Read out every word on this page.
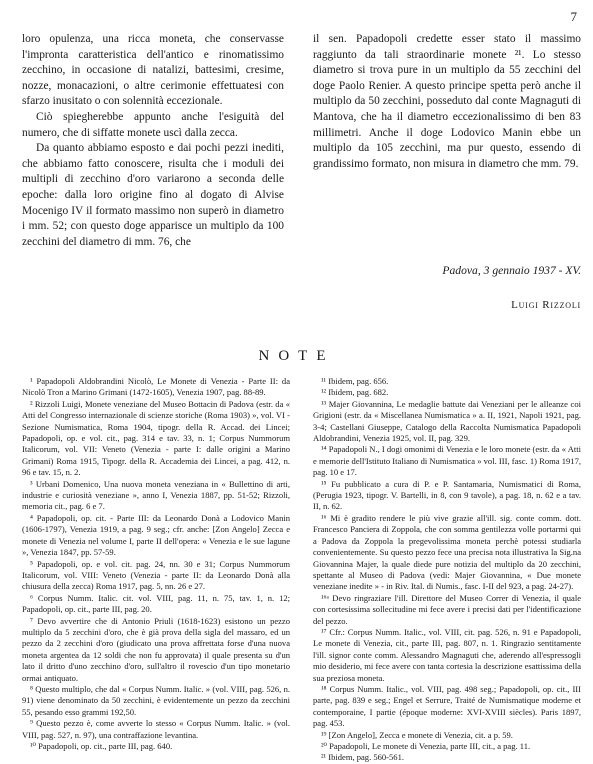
7

loro opulenza, una ricca moneta, che conservasse l'impronta caratteristica dell'antico e rinomatissimo zecchino, in occasione di natalizi, battesimi, cresime, nozze, monacazioni, o altre cerimonie effettuatesi con sfarzo inusitato o con solennità eccezionale.

Ciò spiegherebbe appunto anche l'esiguità del numero, che di siffatte monete uscì dalla zecca.

Da quanto abbiamo esposto e dai pochi pezzi inediti, che abbiamo fatto conoscere, risulta che i moduli dei multipli di zecchino d'oro variarono a seconda delle epoche: dalla loro origine fino al dogato di Alvise Mocenigo IV il formato massimo non superò in diametro i mm. 52; con questo doge apparisce un multiplo da 100 zecchini del diametro di mm. 76, che

il sen. Papadopoli credette esser stato il massimo raggiunto da tali straordinarie monete ²¹. Lo stesso diametro si trova pure in un multiplo da 55 zecchini del doge Paolo Renier. A questo principe spetta però anche il multiplo da 50 zecchini, posseduto dal conte Magnaguti di Mantova, che ha il diametro eccezionalissimo di ben 83 millimetri. Anche il doge Lodovico Manin ebbe un multiplo da 105 zecchini, ma pur questo, essendo di grandissimo formato, non misura in diametro che mm. 79.

Padova, 3 gennaio 1937 - XV.
Luigi Rizzoli
NOTE

¹ Papadopoli Aldobrandini Nicolò, Le Monete di Venezia - Parte II: da Nicolò Tron a Marino Grimani (1472-1605), Venezia 1907, pag. 88-89.

² Rizzoli Luigi, Monete veneziane del Museo Bottacin di Padova (estr. da « Atti del Congresso internazionale di scienze storiche (Roma 1903) », vol. VI - Sezione Numismatica, Roma 1904, tipogr. della R. Accad. dei Lincei; Papadopoli, op. e vol. cit., pag. 314 e tav. 33, n. 1; Corpus Nummorum Italicorum, vol. VII: Veneto (Venezia - parte I: dalle origini a Marino Grimani) Roma 1915, Tipogr. della R. Accademia dei Lincei, a pag. 412, n. 96 e tav. 15, n. 2.

³ Urbani Domenico, Una nuova moneta veneziana in « Bullettino di arti, industrie e curiosità veneziane », anno I, Venezia 1887, pp. 51-52; Rizzoli, memoria cit., pag. 6 e 7.

⁴ Papadopoli, op. cit. - Parte III: da Leonardo Donà a Lodovico Manin (1606-1797), Venezia 1919, a pag. 9 seg.; cfr. anche: [Zon Angelo] Zecca e monete di Venezia nel volume I, parte II dell'opera: « Venezia e le sue lagune », Venezia 1847, pp. 57-59.

⁵ Papadopoli, op. e vol. cit. pag. 24, nn. 30 e 31; Corpus Nummorum Italicorum, vol. VIII: Veneto (Venezia - parte II: da Leonardo Donà alla chiusura della zecca) Roma 1917, pag. 5, nn. 26 e 27.

⁶ Corpus Numm. Italic. cit. vol. VIII, pag. 11, n. 75, tav. 1, n. 12; Papadopoli, op. cit., parte III, pag. 20.

⁷ Devo avvertire che di Antonio Priuli (1618-1623) esistono un pezzo multiplo da 5 zecchini d'oro, che è già prova della sigla del massaro, ed un pezzo da 2 zecchini d'oro (giudicato una prova affrettata forse d'una nuova moneta argentea da 12 soldi che non fu approvata) il quale presenta su d'un lato il dritto d'uno zecchino d'oro, sull'altro il rovescio d'un tipo monetario ormai antiquato.

⁸ Questo multiplo, che dal « Corpus Numm. Italic. » (vol. VIII, pag. 526, n. 91) viene denominato da 50 zecchini, è evidentemente un pezzo da zecchini 55, pesando esso grammi 192,50.

⁹ Questo pezzo è, come avverte lo stesso « Corpus Numm. Italic. » (vol. VIII, pag. 527, n. 97), una contraffazione levantina.

¹⁰ Papadopoli, op. cit., parte III, pag. 640.

¹¹ Ibidem, pag. 656.

¹² Ibidem, pag. 682.

¹³ Majer Giovannina, Le medaglie battute dai Veneziani per le alleanze coi Grigioni (estr. da « Miscellanea Numismatica » a. II, 1921, Napoli 1921, pag. 3-4; Castellani Giuseppe, Catalogo della Raccolta Numismatica Papadopoli Aldobrandini, Venezia 1925, vol. II, pag. 329.

¹⁴ Papadopoli N., I dogi omonimi di Venezia e le loro monete (estr. da « Atti e memorie dell'Istituto Italiano di Numismatica » vol. III, fasc. 1) Roma 1917, pag. 10 e 17.

¹⁵ Fu pubblicato a cura di P. e P. Santamaria, Numismatici di Roma, (Perugia 1923, tipogr. V. Bartelli, in 8, con 9 tavole), a pag. 18, n. 62 e a tav. II, n. 62.

¹⁶ Mi è gradito rendere le più vive grazie all'ill. sig. conte comm. dott. Francesco Panciera di Zoppola, che con somma gentilezza volle portarmi qui a Padova da Zoppola la pregevolissima moneta perchè potessi studiarla convenientemente. Su questo pezzo fece una precisa nota illustrativa la Sig.na Giovannina Majer, la quale diede pure notizia del multiplo da 20 zecchini, spettante al Museo di Padova (vedi: Majer Giovannina, « Due monete veneziane inedite » - in Riv. Ital. di Numis., fasc. I-II del 923, a pag. 24-27).

¹⁶ᵃ Devo ringraziare l'ill. Direttore del Museo Correr di Venezia, il quale con cortesissima sollecitudine mi fece avere i precisi dati per l'identificazione del pezzo.

¹⁷ Cfr.: Corpus Numm. Italic., vol. VIII, cit. pag. 526, n. 91 e Papadopoli, Le monete di Venezia, cit., parte III, pag. 807, n. 1. Ringrazio sentitamente l'ill. signor conte comm. Alessandro Magnaguti che, aderendo all'espressogli mio desiderio, mi fece avere con tanta cortesia la descrizione esattissima della sua preziosa moneta.

¹⁸ Corpus Numm. Italic., vol. VIII, pag. 498 seg.; Papadopoli, op. cit., III parte, pag. 839 e seg.; Engel et Serrure, Traité de Numismatique moderne et contemporaine, I partie (époque moderne: XVI-XVIII siècles). Paris 1897, pag. 453.

¹⁹ [Zon Angelo], Zecca e monete di Venezia, cit. a p. 59.

²⁰ Papadopoli, Le monete di Venezia, parte III, cit., a pag. 11.

²¹ Ibidem, pag. 560-561.
